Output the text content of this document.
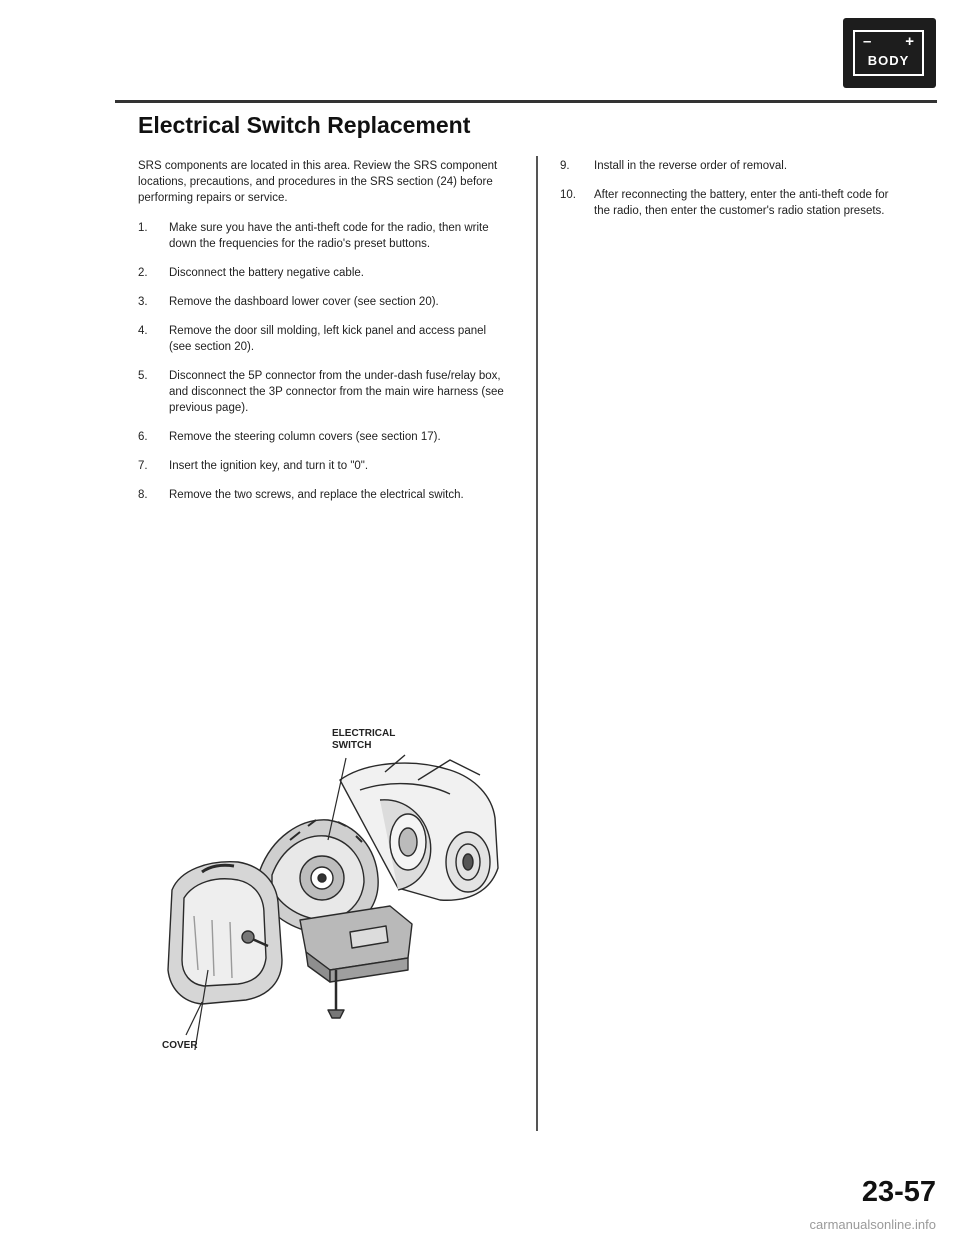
– +
BODY
Electrical Switch Replacement

SRS components are located in this area. Review the SRS component locations, precautions, and procedures in the SRS section (24) before performing repairs or service.

1.	Make sure you have the anti-theft code for the radio, then write down the frequencies for the radio's preset buttons.
2.	Disconnect the battery negative cable.
3.	Remove the dashboard lower cover (see section 20).
4.	Remove the door sill molding, left kick panel and access panel (see section 20).
5.	Disconnect the 5P connector from the under-dash fuse/relay box, and disconnect the 3P connector from the main wire harness (see previous page).
6.	Remove the steering column covers (see section 17).
7.	Insert the ignition key, and turn it to "0".
8.	Remove the two screws, and replace the electrical switch.
9.	Install in the reverse order of removal.
10.	After reconnecting the battery, enter the anti-theft code for the radio, then enter the customer's radio station presets.
ELECTRICAL
SWITCH
COVER
23-57
carmanualsonline.info
